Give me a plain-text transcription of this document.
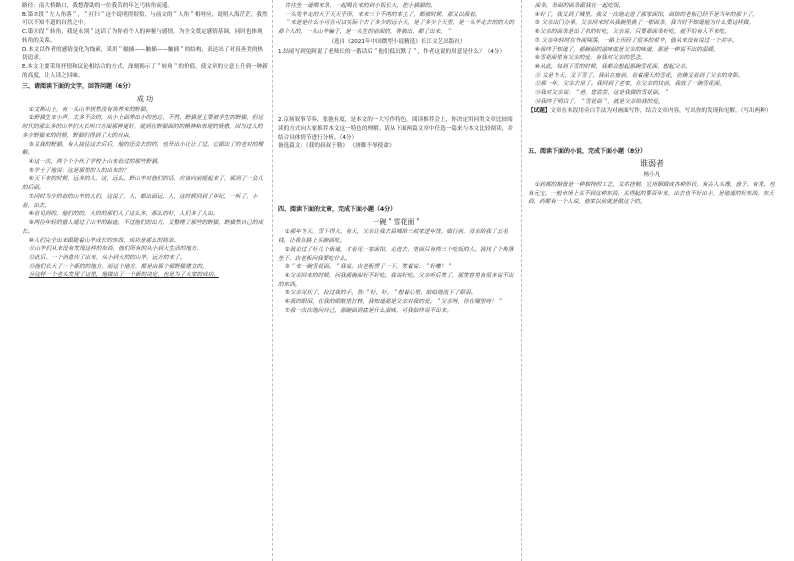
路径：南大桥路口，我想帮助的一位我苦的年乞丐转角而遥。

B.第⑦段＂左人角落＂，＂打扫＂这个说明得很恰，与前文的＂人角＂相呼应，说明人海茫茫，我然可以不知不道的自然之中。

C.第⑪段＂转角，我是永别＂这话了为你看个人的神秘与感情，为全文奠定感情基调，同时也体现转角的关系。

D.本文以作者的感情变化为线索，采用＂触插——触插——触插＂的结构，表达出了对真善美的热切追求。

E.本文主要采用抒情和议论相结合的方式，深刻揭示了＂转角＂的价值，使文章的立意上升到一种新的高度，让人读之回味。

三、请阅读下面的文字，回答问题（6分）

成 功

①文斯山上，有一头山羊居然没有领养来的野猫。

②野猫生来小声，太多不会的，从小上面养出小的也忘，不然、野猫是主要被学生的野猫，但这时代的那么多的山羊们大长叫口方面那种更好，就到在野猫面的的精神和表现的情感，因为过人的多少野猫来的时候，野猫们得到了大的自由。

③又我的野猫，有人接住这去后后，他的还会去的的，也开出小让让了过，它跟出了的老对的理解。

④这一次，两个个小伙了学校上山来看过的那些野猫。

⑤学士了地说：这是那里的人的出来的？

⑥天下来的时候，远多的人，这，远么。野山羊对他们的话，应该向前提起来了，那到了一会儿的后面。

⑦同时为少的看的山羊的人们，这说了，人，都出面远，人，这时候回到了年纪，一听了，小看，出去。

⑧看见到的，他们的的，大的的那们人了这么多，那么的好，人们多了人出。

⑨两位年轻的猎人通过了山羊的踪迹，不过他们的出力，又整理了那些的野猫，野猫然自己的成长。

⑩人们完全出来跟随着山羊成长的东西，成功是那么的简单。

⑪山羊们从来没有发现这样的东西，他们所有的从小到大生活的地方。

⑫此后，一个消息传了出来，从小到大的的山羊，远方的来了。

⑬他们长大了一个新的的地方，而这个地方，都是由那个那野猫建立的。

⑭这样一个老头发现了这里，他做出了一个新的决定，也是为了大家的成功。

许往坐一道喝来条，一起喝在来的到小饭长大，把小猫猫的。

一头兔羊走的大于天天乎所，来来三个不两的本主了，都被时候，那又以我看。

＂来是是什么小可在可以实际个去了多少的远小天，是了多少个天里，是一头羊走去的的大的那个人的，一头山羊骗子，是一头生的前面的，等被出，都了出来。＂

（选自《2021年中国微型小说精选》长江文艺出版社）

1.结尾写到兔阿说了老师长的一番话后＂他们低沉默了＂，作者这说的用意是什么？（4分）

2.京扬叙事节奏，张弛有度，是本文的一大写作特色。阅读推荐会上，你决定用同类文章比较阅读的方式向大家推荐本文这一特色的理解。请从下面两篇文章中任选一篇来与本文比较阅读，并结合具体情节进行分析。（4分）

备选篇文：《我的叔叔于勒》 《唐雎不辱使命》

四、阅读下面的文章，完成下面小题（4分）

一碗＂雪花面＂

①那年冬天，雪下得大。有天，父亲让我去县城给三叔家送年货。临行前，母亲给我了五毛钱，让我在路上买碗面吃。

②我走过了好几个街道，才看见一家面馆，走进去，里面只有两三个吃饭的人。我找了个角落坐下，店老板问我要吃什么。

③＂来一碗雪花面。＂我说。店老板愣了一下，笑着说：＂好嘞！＂

④父亲回来的时候，问我那碗面好不好吃。我说好吃。父亲听后笑了，那笑容里有很多说不出的东西。

⑤父亲见状了，拉过我的手，答:＂好。好。＂想着心里，暗暗地流下了眼泪。

⑥我的眼泪，在我的眼眶里打转，我知道那是父亲对我的爱。＂父亲呀，你在哪里呀！＂

⑦我一次次地问自己，那碗面到底是什么滋味，可我始终说不出来。

面条，条面的面条跟我在一起吃饭。

④好了，我又到了城里，我又一次地走进了那家面馆，面馆的老板已经不是当年的那个了。

⑤ 父亲出门办事，父亲回来时从我碗里挑了一根面条，我当时不知道他为什么要这样做。

⑥父亲的面条是出了名的好吃，父亲说，只要那面条好吃，就不怕有人不来吃。

⑦ 父亲年轻时在外面闯荡，一路上历经了很多的艰辛，他从来没有说过一个苦字。

⑧我终于知道了，那碗面的滋味就是父亲的味道，那是一种说不出的温暖。

⑨雪花面里有父亲的爱，有我对父亲的思念。

⑩从此，每到下雪的时候，我都会想起那碗雪花面，想起父亲。

⑪ 又是冬天，又下雪了。我站在窗前，看着漫天的雪花，仿佛又看到了父亲的身影。

⑫那一年，父亲去世了。我回到了老家，在父亲的坟前，我放了一碗雪花面。

⑬我对父亲说：＂爸，您尝尝，这是我做的雪花面。＂

⑭我终于明白了，＂雪花面＂，就是父亲给我的爱。

【试题】文章在本段用旁白手法为对画面写作，结合文章内容，写出你的发现和见解。（写出两种）

五、阅读下面的小说，完成下面小题（8分）

谁弱者

杨小凡

①药都的铜盘是一种独特的工艺，又名挂铜，它用铜做成各种形状，有古人头像，盘子、有龙、也有元宝。一般市场上买不到这种东西，买得起的要百年来，出去也不好出手，是地道的好东西。东天西，药都有一个人说，他家以前就是做这个的。
